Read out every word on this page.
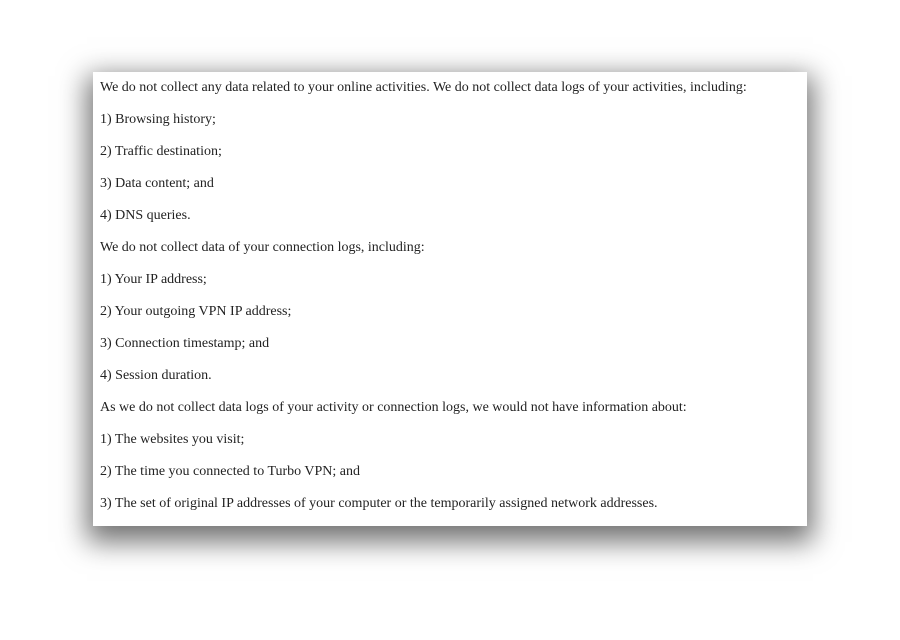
We do not collect any data related to your online activities. We do not collect data logs of your activities, including:

1) Browsing history;

2) Traffic destination;

3) Data content; and

4) DNS queries.

We do not collect data of your connection logs, including:

1) Your IP address;

2) Your outgoing VPN IP address;

3) Connection timestamp; and

4) Session duration.

As we do not collect data logs of your activity or connection logs, we would not have information about:

1) The websites you visit;

2) The time you connected to Turbo VPN; and

3) The set of original IP addresses of your computer or the temporarily assigned network addresses.
